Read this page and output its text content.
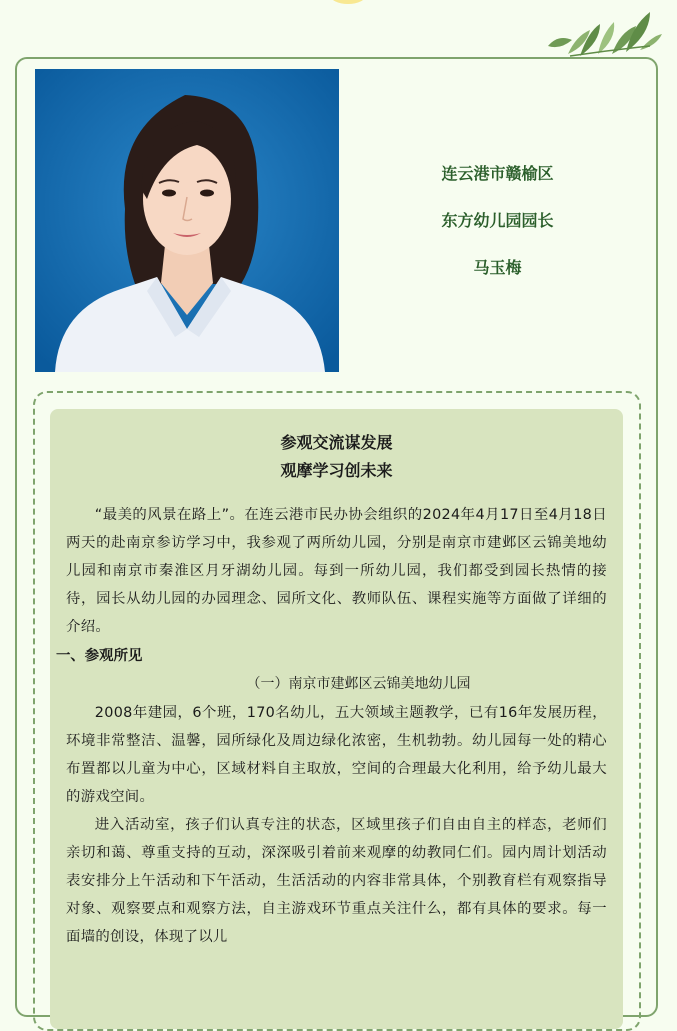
连云港市赣榆区
东方幼儿园园长
马玉梅
参观交流谋发展
观摩学习创未来

“最美的风景在路上”。在连云港市民办协会组织的2024年4月17日至4月18日两天的赴南京参访学习中，我参观了两所幼儿园，分别是南京市建邺区云锦美地幼儿园和南京市秦淮区月牙湖幼儿园。每到一所幼儿园，我们都受到园长热情的接待，园长从幼儿园的办园理念、园所文化、教师队伍、课程实施等方面做了详细的介绍。

一、参观所见
（一）南京市建邺区云锦美地幼儿园

2008年建园，6个班，170名幼儿，五大领域主题教学，已有16年发展历程，环境非常整洁、温馨，园所绿化及周边绿化浓密，生机勃勃。幼儿园每一处的精心布置都以儿童为中心，区域材料自主取放，空间的合理最大化利用，给予幼儿最大的游戏空间。

进入活动室，孩子们认真专注的状态，区域里孩子们自由自主的样态，老师们亲切和蔼、尊重支持的互动，深深吸引着前来观摩的幼教同仁们。园内周计划活动表安排分上午活动和下午活动，生活活动的内容非常具体，个别教育栏有观察指导对象、观察要点和观察方法，自主游戏环节重点关注什么，都有具体的要求。每一面墙的创设，体现了以儿
